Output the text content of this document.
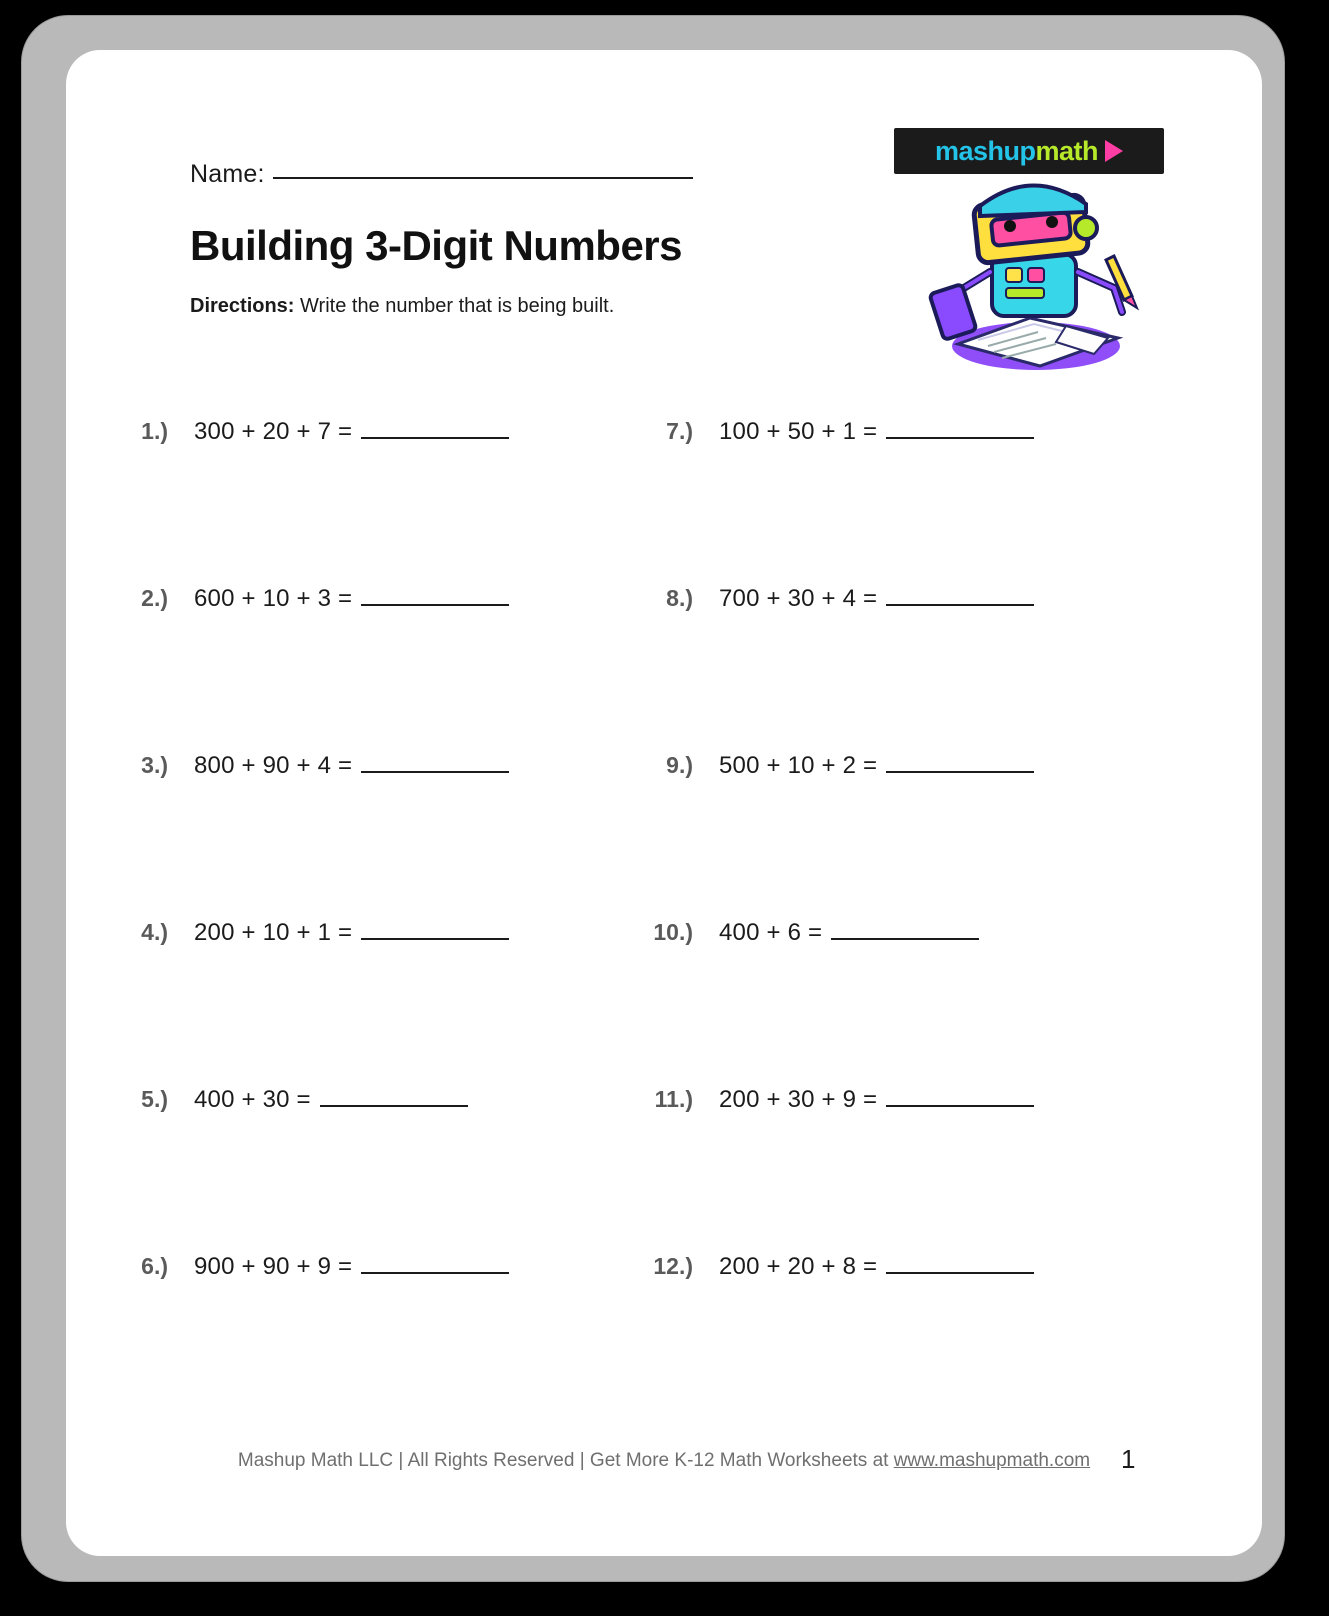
Name:
Building 3-Digit Numbers
Directions: Write the number that is being built.
mashup math
1.) 300 + 20 + 7 =
2.) 600 + 10 + 3 =
3.) 800 + 90 + 4 =
4.) 200 + 10 + 1 =
5.) 400 + 30 =
6.) 900 + 90 + 9 =
7.) 100 + 50 + 1 =
8.) 700 + 30 + 4 =
9.) 500 + 10 + 2 =
10.) 400 + 6 =
11.) 200 + 30 + 9 =
12.) 200 + 20 + 8 =
Mashup Math LLC | All Rights Reserved | Get More K-12 Math Worksheets at www.mashupmath.com	1
